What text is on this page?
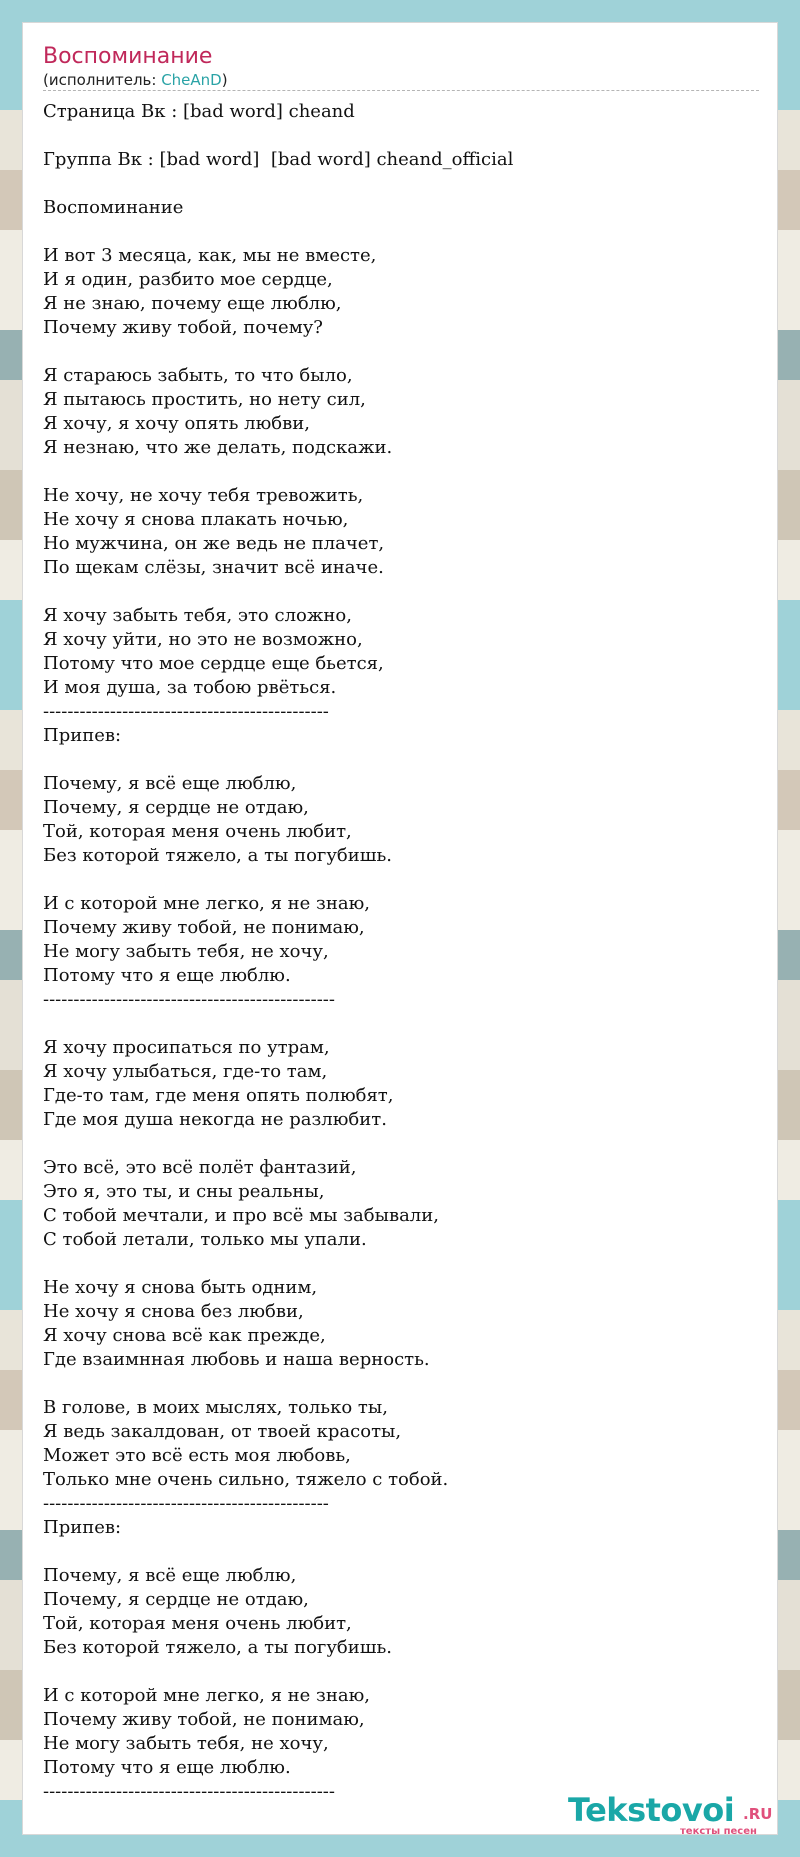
Воспоминание
(исполнитель: CheAnD)
Страница Вк : [bad word] cheand
Группа Вк : [bad word]  [bad word] cheand_official
Воспоминание
И вот 3 месяца, как, мы не вместе,
И я один, разбито мое сердце,
Я не знаю, почему еще люблю,
Почему живу тобой, почему?
Я стараюсь забыть, то что было,
Я пытаюсь простить, но нету сил,
Я хочу, я хочу опять любви,
Я незнаю, что же делать, подскажи.
Не хочу, не хочу тебя тревожить,
Не хочу я снова плакать ночью,
Но мужчина, он же ведь не плачет,
По щекам слёзы, значит всё иначе.
Я хочу забыть тебя, это сложно,
Я хочу уйти, но это не возможно,
Потому что мое сердце еще бьется,
И моя душа, за тобою рвёться.
-----------------------------------------------
Припев:
Почему, я всё еще люблю,
Почему, я сердце не отдаю,
Той, которая меня очень любит,
Без которой тяжело, а ты погубишь.
И с которой мне легко, я не знаю,
Почему живу тобой, не понимаю,
Не могу забыть тебя, не хочу,
Потому что я еще люблю.
------------------------------------------------
Я хочу просипаться по утрам,
Я хочу улыбаться, где-то там,
Где-то там, где меня опять полюбят,
Где моя душа некогда не разлюбит.
Это всё, это всё полёт фантазий,
Это я, это ты, и сны реальны,
С тобой мечтали, и про всё мы забывали,
С тобой летали, только мы упали.
Не хочу я снова быть одним,
Не хочу я снова без любви,
Я хочу снова всё как прежде,
Где взаимнная любовь и наша верность.
В голове, в моих мыслях, только ты,
Я ведь закалдован, от твоей красоты,
Может это всё есть моя любовь,
Только мне очень сильно, тяжело с тобой.
-----------------------------------------------
Припев:
Почему, я всё еще люблю,
Почему, я сердце не отдаю,
Той, которая меня очень любит,
Без которой тяжело, а ты погубишь.
И с которой мне легко, я не знаю,
Почему живу тобой, не понимаю,
Не могу забыть тебя, не хочу,
Потому что я еще люблю.
------------------------------------------------	Tekstovoi .RU
тексты песен
